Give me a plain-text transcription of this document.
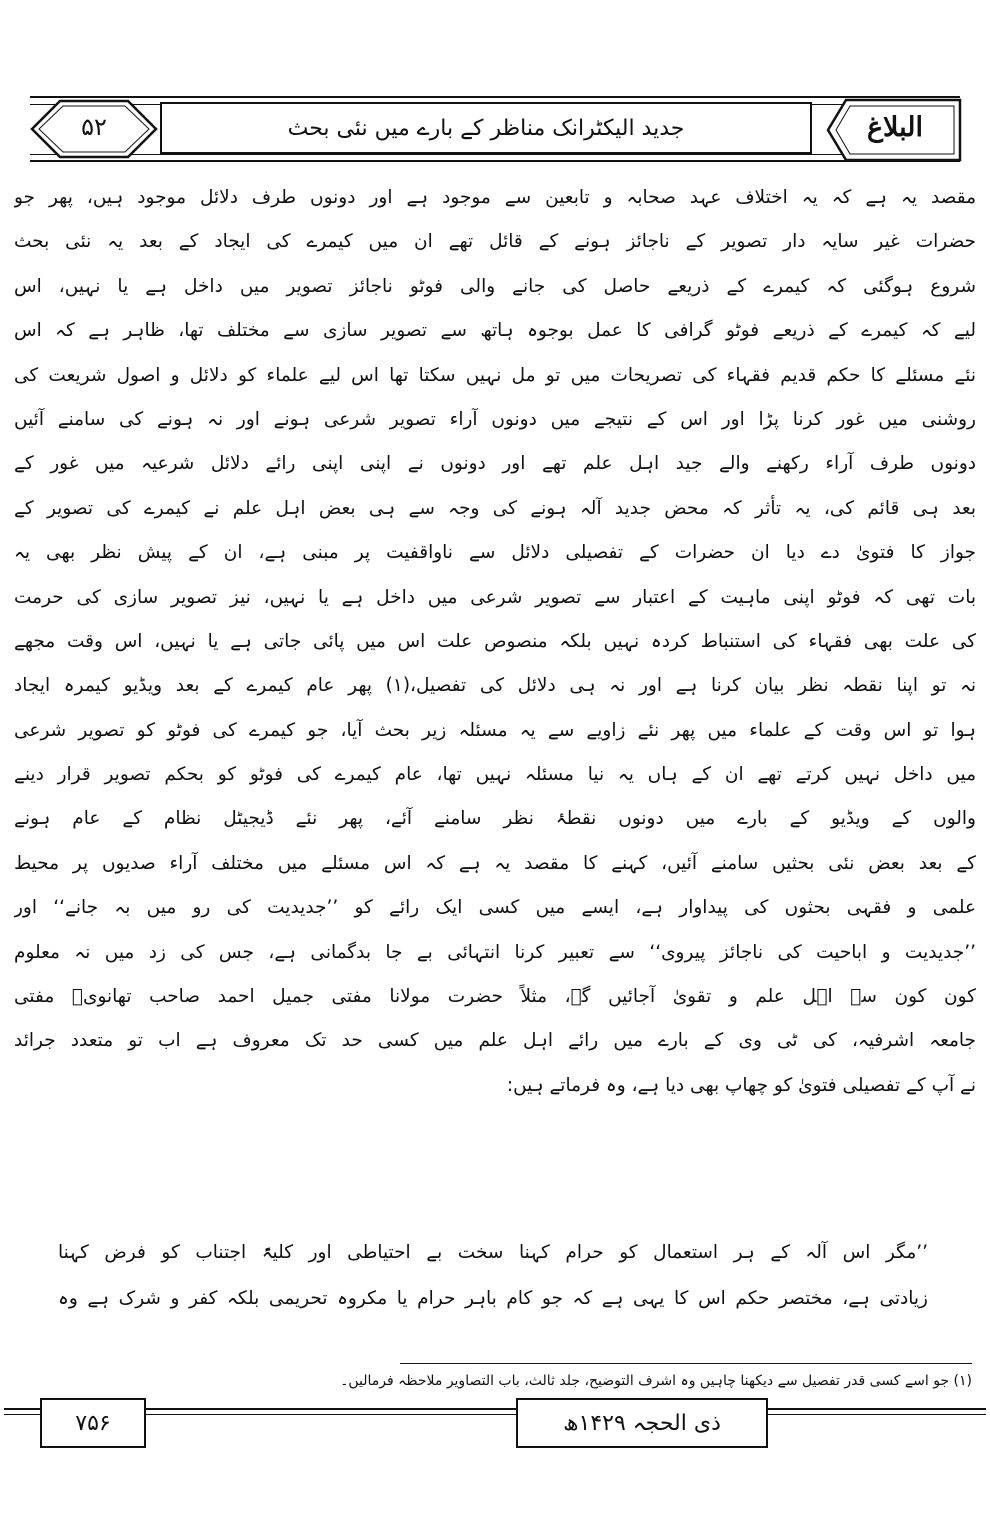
۵۲	جدید الیکٹرانک مناظر کے بارے میں نئی بحث	البلاغ
مقصد یہ ہے کہ یہ اختلاف عہد صحابہ و تابعین سے موجود ہے اور دونوں طرف دلائل موجود ہیں، پھر جو
حضرات غیر سایہ دار تصویر کے ناجائز ہونے کے قائل تھے ان میں کیمرے کی ایجاد کے بعد یہ نئی بحث
شروع ہوگئی کہ کیمرے کے ذریعے حاصل کی جانے والی فوٹو ناجائز تصویر میں داخل ہے یا نہیں، اس
لیے کہ کیمرے کے ذریعے فوٹو گرافی کا عمل بوجوہ ہاتھ سے تصویر سازی سے مختلف تھا، ظاہر ہے کہ اس
نئے مسئلے کا حکم قدیم فقہاء کی تصریحات میں تو مل نہیں سکتا تھا اس لیے علماء کو دلائل و اصول شریعت کی
روشنی میں غور کرنا پڑا اور اس کے نتیجے میں دونوں آراء تصویر شرعی ہونے اور نہ ہونے کی سامنے آئیں
دونوں طرف آراء رکھنے والے جید اہل علم تھے اور دونوں نے اپنی اپنی رائے دلائل شرعیہ میں غور کے
بعد ہی قائم کی، یہ تأثر کہ محض جدید آلہ ہونے کی وجہ سے ہی بعض اہل علم نے کیمرے کی تصویر کے
جواز کا فتویٰ دے دیا ان حضرات کے تفصیلی دلائل سے ناواقفیت پر مبنی ہے، ان کے پیش نظر بھی یہ
بات تھی کہ فوٹو اپنی ماہیت کے اعتبار سے تصویر شرعی میں داخل ہے یا نہیں، نیز تصویر سازی کی حرمت
کی علت بھی فقہاء کی استنباط کردہ نہیں بلکہ منصوص علت اس میں پائی جاتی ہے یا نہیں، اس وقت مجھے
نہ تو اپنا نقطہ نظر بیان کرنا ہے اور نہ ہی دلائل کی تفصیل،(۱) پھر عام کیمرے کے بعد ویڈیو کیمرہ ایجاد
ہوا تو اس وقت کے علماء میں پھر نئے زاویے سے یہ مسئلہ زیر بحث آیا، جو کیمرے کی فوٹو کو تصویر شرعی
میں داخل نہیں کرتے تھے ان کے ہاں یہ نیا مسئلہ نہیں تھا، عام کیمرے کی فوٹو کو بحکم تصویر قرار دینے
والوں کے ویڈیو کے بارے میں دونوں نقطۂ نظر سامنے آئے، پھر نئے ڈیجیٹل نظام کے عام ہونے
کے بعد بعض نئی بحثیں سامنے آئیں، کہنے کا مقصد یہ ہے کہ اس مسئلے میں مختلف آراء صدیوں پر محیط
علمی و فقہی بحثوں کی پیداوار ہے، ایسے میں کسی ایک رائے کو ’’جدیدیت کی رو میں بہ جانے‘‘ اور
’’جدیدیت و اباحیت کی ناجائز پیروی‘‘ سے تعبیر کرنا انتہائی بے جا بدگمانی ہے، جس کی زد میں نہ معلوم
کون کون سے اہل علم و تقویٰ آجائیں گے، مثلاً حضرت مولانا مفتی جمیل احمد صاحب تھانویؒ مفتی
جامعہ اشرفیہ، کی ٹی وی کے بارے میں رائے اہل علم میں کسی حد تک معروف ہے اب تو متعدد جرائد
نے آپ کے تفصیلی فتویٰ کو چھاپ بھی دیا ہے، وہ فرماتے ہیں:
’’مگر اس آلہ کے ہر استعمال کو حرام کہنا سخت بے احتیاطی اور کلیۃً اجتناب کو فرض کہنا
زیادتی ہے، مختصر حکم اس کا یہی ہے کہ جو کام باہر حرام یا مکروہ تحریمی بلکہ کفر و شرک ہے وہ
(۱) جو اسے کسی قدر تفصیل سے دیکھنا چاہیں وہ اشرف التوضیح، جلد ثالث، باب التصاویر ملاحظہ فرمالیں۔
۷۵۶	ذی الحجہ ۱۴۲۹ھ
